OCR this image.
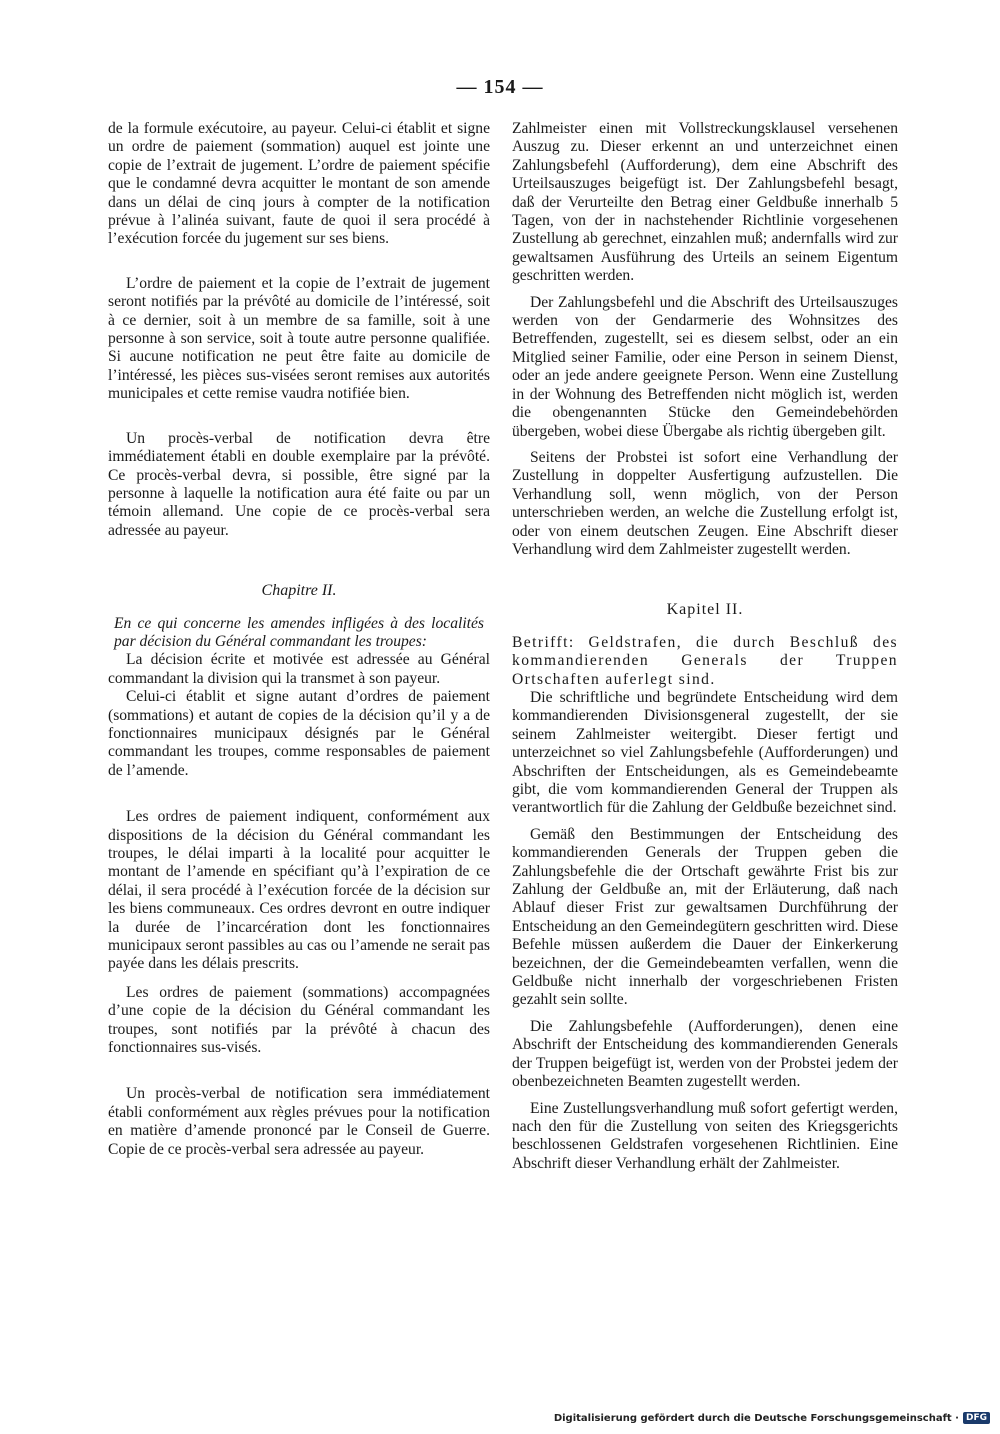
— 154 —

de la formule exécutoire, au payeur. Celui-ci établit et signe un ordre de paiement (sommation) auquel est jointe une copie de l’extrait de jugement. L’ordre de paiement spécifie que le condamné devra acquitter le montant de son amende dans un délai de cinq jours à compter de la notification prévue à l’alinéa suivant, faute de quoi il sera procédé à l’exécution forcée du jugement sur ses biens.

L’ordre de paiement et la copie de l’extrait de jugement seront notifiés par la prévôté au domicile de l’intéressé, soit à ce dernier, soit à un membre de sa famille, soit à une personne à son service, soit à toute autre personne qualifiée. Si aucune notification ne peut être faite au domicile de l’intéressé, les pièces sus-visées seront remises aux autorités municipales et cette remise vaudra notifiée bien.

Un procès-verbal de notification devra être immédiatement établi en double exemplaire par la prévôté. Ce procès-verbal devra, si possible, être signé par la personne à laquelle la notification aura été faite ou par un témoin allemand. Une copie de ce procès-verbal sera adressée au payeur.

Chapitre II.

En ce qui concerne les amendes infligées à des localités par décision du Général commandant les troupes:

La décision écrite et motivée est adressée au Général commandant la division qui la transmet à son payeur.

Celui-ci établit et signe autant d’ordres de paiement (sommations) et autant de copies de la décision qu’il y a de fonctionnaires municipaux désignés par le Général commandant les troupes, comme responsables de paiement de l’amende.

Les ordres de paiement indiquent, conformément aux dispositions de la décision du Général commandant les troupes, le délai imparti à la localité pour acquitter le montant de l’amende en spécifiant qu’à l’expiration de ce délai, il sera procédé à l’exécution forcée de la décision sur les biens communeaux. Ces ordres devront en outre indiquer la durée de l’incarcération dont les fonctionnaires municipaux seront passibles au cas ou l’amende ne serait pas payée dans les délais prescrits.

Les ordres de paiement (sommations) accompagnées d’une copie de la décision du Général commandant les troupes, sont notifiés par la prévôté à chacun des fonctionnaires sus-visés.

Un procès-verbal de notification sera immédiatement établi conformément aux règles prévues pour la notification en matière d’amende prononcé par le Conseil de Guerre. Copie de ce procès-verbal sera adressée au payeur.

Zahlmeister einen mit Vollstreckungsklausel versehenen Auszug zu. Dieser erkennt an und unterzeichnet einen Zahlungsbefehl (Aufforderung), dem eine Abschrift des Urteilsauszuges beigefügt ist. Der Zahlungsbefehl besagt, daß der Verurteilte den Betrag einer Geldbuße innerhalb 5 Tagen, von der in nachstehender Richtlinie vorgesehenen Zustellung ab gerechnet, einzahlen muß; andernfalls wird zur gewaltsamen Ausführung des Urteils an seinem Eigentum geschritten werden.

Der Zahlungsbefehl und die Abschrift des Urteilsauszuges werden von der Gendarmerie des Wohnsitzes des Betreffenden, zugestellt, sei es diesem selbst, oder an ein Mitglied seiner Familie, oder eine Person in seinem Dienst, oder an jede andere geeignete Person. Wenn eine Zustellung in der Wohnung des Betreffenden nicht möglich ist, werden die obengenannten Stücke den Gemeindebehörden übergeben, wobei diese Übergabe als richtig übergeben gilt.

Seitens der Probstei ist sofort eine Verhandlung der Zustellung in doppelter Ausfertigung aufzustellen. Die Verhandlung soll, wenn möglich, von der Person unterschrieben werden, an welche die Zustellung erfolgt ist, oder von einem deutschen Zeugen. Eine Abschrift dieser Verhandlung wird dem Zahlmeister zugestellt werden.

Kapitel II.

Betrifft: Geldstrafen, die durch Beschluß des kommandierenden Generals der Truppen Ortschaften auferlegt sind.

Die schriftliche und begründete Entscheidung wird dem kommandierenden Divisionsgeneral zugestellt, der sie seinem Zahlmeister weitergibt. Dieser fertigt und unterzeichnet so viel Zahlungsbefehle (Aufforderungen) und Abschriften der Entscheidungen, als es Gemeindebeamte gibt, die vom kommandierenden General der Truppen als verantwortlich für die Zahlung der Geldbuße bezeichnet sind.

Gemäß den Bestimmungen der Entscheidung des kommandierenden Generals der Truppen geben die Zahlungsbefehle die der Ortschaft gewährte Frist bis zur Zahlung der Geldbuße an, mit der Erläuterung, daß nach Ablauf dieser Frist zur gewaltsamen Durchführung der Entscheidung an den Gemeindegütern geschritten wird. Diese Befehle müssen außerdem die Dauer der Einkerkerung bezeichnen, der die Gemeindebeamten verfallen, wenn die Geldbuße nicht innerhalb der vorgeschriebenen Fristen gezahlt sein sollte.

Die Zahlungsbefehle (Aufforderungen), denen eine Abschrift der Entscheidung des kommandierenden Generals der Truppen beigefügt ist, werden von der Probstei jedem der obenbezeichneten Beamten zugestellt werden.

Eine Zustellungsverhandlung muß sofort gefertigt werden, nach den für die Zustellung von seiten des Kriegsgerichts beschlossenen Geldstrafen vorgesehenen Richtlinien. Eine Abschrift dieser Verhandlung erhält der Zahlmeister.

Digitalisierung gefördert durch die Deutsche Forschungsgemeinschaft · DFG
